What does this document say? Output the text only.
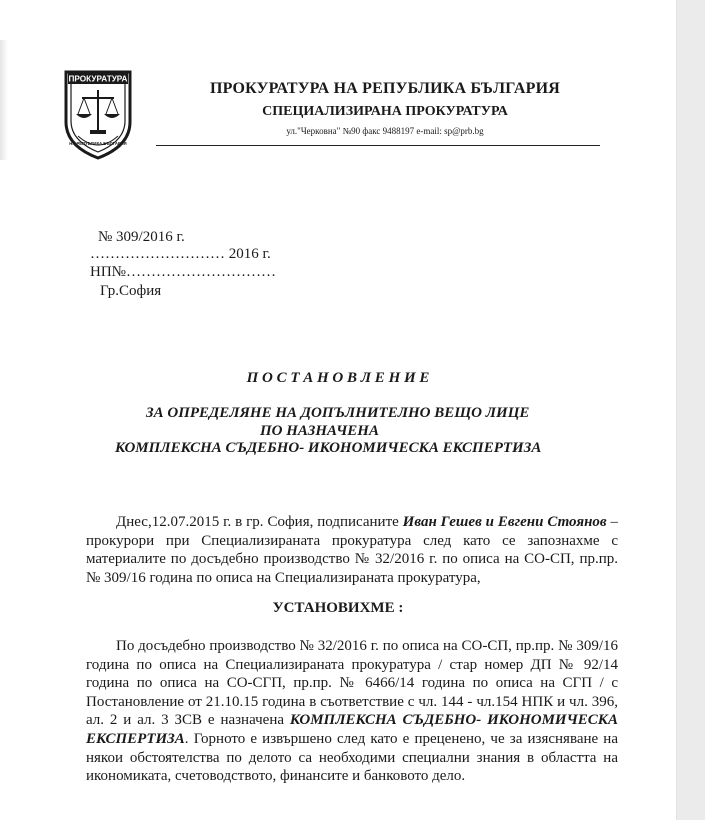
ПРОКУРАТУРА
НА РЕПУБЛИКА БЪЛГАРИЯ
ПРОКУРАТУРА НА РЕПУБЛИКА БЪЛГАРИЯ
СПЕЦИАЛИЗИРАНА ПРОКУРАТУРА
ул."Черковна" №90 факс 9488197 e-mail: sp@prb.bg
№ 309/2016 г.
……………………… 2016 г.
НП№…………………………
Гр.София
П О С Т А Н О В Л Е Н И Е
ЗА ОПРЕДЕЛЯНЕ НА ДОПЪЛНИТЕЛНО ВЕЩО ЛИЦЕ
ПО НАЗНАЧЕНА
КОМПЛЕКСНА СЪДЕБНО- ИКОНОМИЧЕСКА ЕКСПЕРТИЗА
Днес,12.07.2015 г. в гр. София, подписаните Иван Гешев и Евгени Стоянов – прокурори при Специализираната прокуратура след като се запознахме с материалите по досъдебно производство № 32/2016 г. по описа на СО-СП, пр.пр. № 309/16 година по описа на Специализираната прокуратура,
УСТАНОВИХМЕ :
По досъдебно производство № 32/2016 г. по описа на СО-СП, пр.пр. № 309/16 година по описа на Специализираната прокуратура / стар номер ДП № 92/14 година по описа на СО-СГП, пр.пр. № 6466/14 година по описа на СГП / с Постановление от 21.10.15 година в съответствие с чл. 144 - чл.154 НПК и чл. 396, ал. 2 и ал. 3 ЗСВ е назначена КОМПЛЕКСНА СЪДЕБНО- ИКОНОМИЧЕСКА ЕКСПЕРТИЗА. Горното е извършено след като е преценено, че за изясняване на някои обстоятелства по делото са необходими специални знания в областта на икономиката, счетоводството, финансите и банковото дело.
